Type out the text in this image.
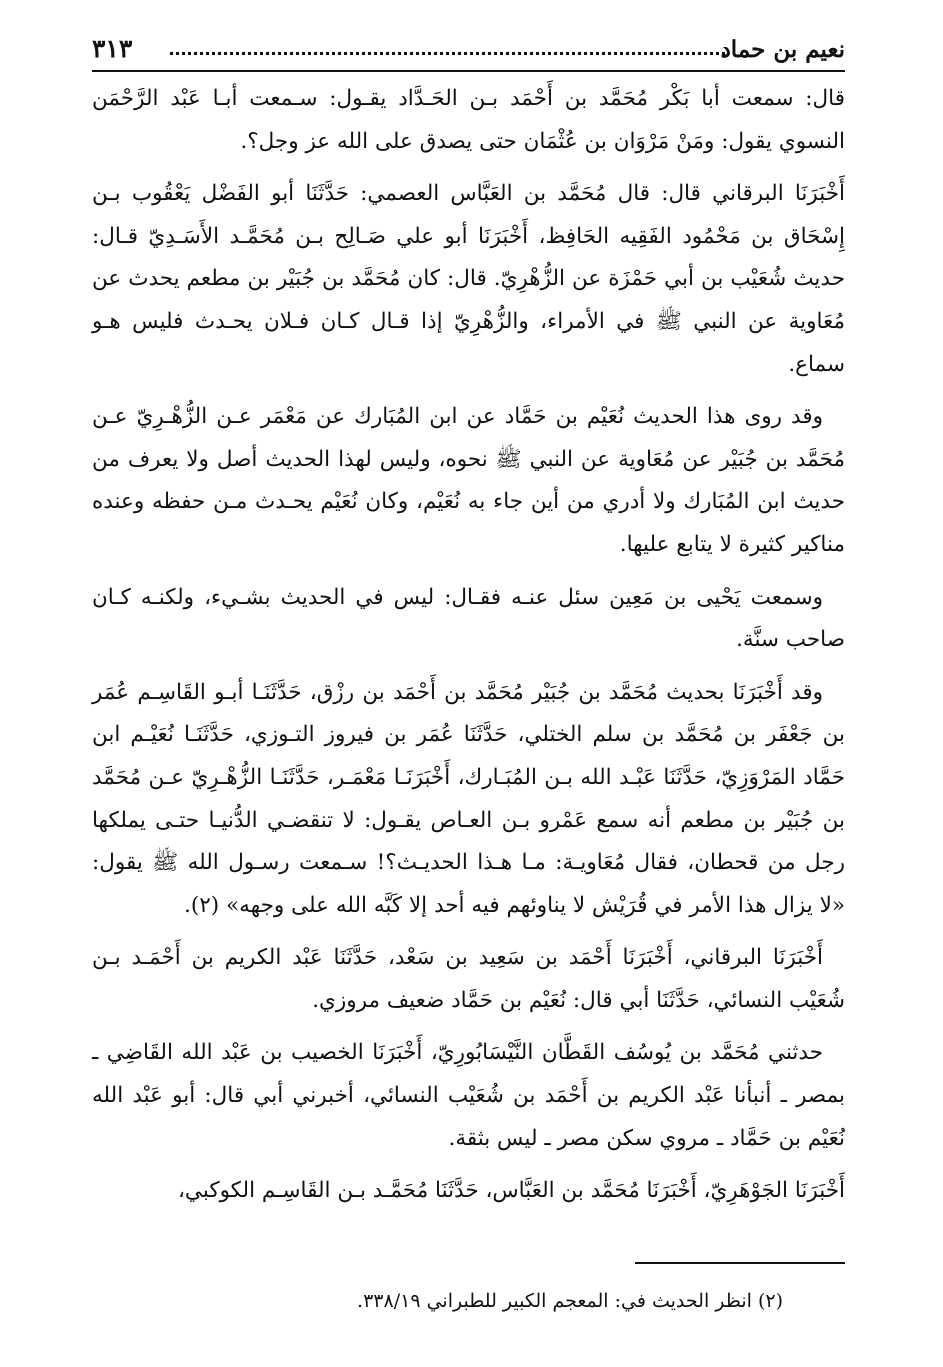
نعيم بن حماد
٣١٣

قال: سمعت أبا بَكْر مُحَمَّد بن أَحْمَد بـن الحَـدَّاد يقـول: سـمعت أبـا عَبْد الرَّحْمَن النسوي يقول: ومَنْ مَرْوَان بن عُثْمَان حتى يصدق على الله عز وجل؟.

أَخْبَرَنَا البرقاني قال: قال مُحَمَّد بن العَبَّاس العصمي: حَدَّثَنَا أبو الفَضْل يَعْقُوب بـن إِسْحَاق بن مَحْمُود الفَقِيه الحَافِظ، أَخْبَرَنَا أبو علي صَـالِح بـن مُحَمَّـد الأَسَـدِيّ قـال: حديث شُعَيْب بن أبي حَمْزَة عن الزُّهْرِيّ. قال: كان مُحَمَّد بن جُبَيْر بن مطعم يحدث عن مُعَاوية عن النبي ﷺ في الأمراء، والزُّهْرِيّ إذا قـال كـان فـلان يحـدث فليس هـو سماع.

وقد روى هذا الحديث نُعَيْم بن حَمَّاد عن ابن المُبَارك عن مَعْمَر عـن الزُّهْـرِيّ عـن مُحَمَّد بن جُبَيْر عن مُعَاوية عن النبي ﷺ نحوه، وليس لهذا الحديث أصل ولا يعرف من حديث ابن المُبَارك ولا أدري من أين جاء به نُعَيْم، وكان نُعَيْم يحـدث مـن حفظه وعنده مناكير كثيرة لا يتابع عليها.

وسمعت يَحْيى بن مَعِين سئل عنـه فقـال: ليس في الحديث بشـيء، ولكنـه كـان صاحب سنَّة.

وقد أَخْبَرَنَا بحديث مُحَمَّد بن جُبَيْر مُحَمَّد بن أَحْمَد بن رزْق، حَدَّثَنَـا أبـو القَاسِـم عُمَر بن جَعْفَر بن مُحَمَّد بن سلم الختلي، حَدَّثَنَا عُمَر بن فيروز التـوزي، حَدَّثَنَـا نُعَيْـم ابن حَمَّاد المَرْوَزِيّ، حَدَّثَنَا عَبْـد الله بـن المُبَـارك، أَخْبَرَنَـا مَعْمَـر، حَدَّثَنَـا الزُّهْـرِيّ عـن مُحَمَّد بن جُبَيْر بن مطعم أنه سمع عَمْرو بـن العـاص يقـول: لا تنقضـي الدُّنيـا حتـى يملكها رجل من قحطان، فقال مُعَاويـة: مـا هـذا الحديـث؟! سـمعت رسـول الله ﷺ يقول: «لا يزال هذا الأمر في قُرَيْش لا يناوئهم فيه أحد إلا كَبَّه الله على وجهه» (٢).

أَخْبَرَنَا البرقاني، أَخْبَرَنَا أَحْمَد بن سَعِيد بن سَعْد، حَدَّثَنَا عَبْد الكريم بن أَحْمَـد بـن شُعَيْب النسائي، حَدَّثَنَا أبي قال: نُعَيْم بن حَمَّاد ضعيف مروزي.

حدثني مُحَمَّد بن يُوسُف القَطَّان النَّيْسَابُورِيّ، أَخْبَرَنَا الخصيب بن عَبْد الله القَاضِي ـ بمصر ـ أنبأنا عَبْد الكريم بن أَحْمَد بن شُعَيْب النسائي، أخبرني أبي قال: أبو عَبْد الله نُعَيْم بن حَمَّاد ـ مروي سكن مصر ـ ليس بثقة.

أَخْبَرَنَا الجَوْهَرِيّ، أَخْبَرَنَا مُحَمَّد بن العَبَّاس، حَدَّثَنَا مُحَمَّـد بـن القَاسِـم الكوكبي،

(٢) انظر الحديث في: المعجم الكبير للطبراني ٣٣٨/١٩.
